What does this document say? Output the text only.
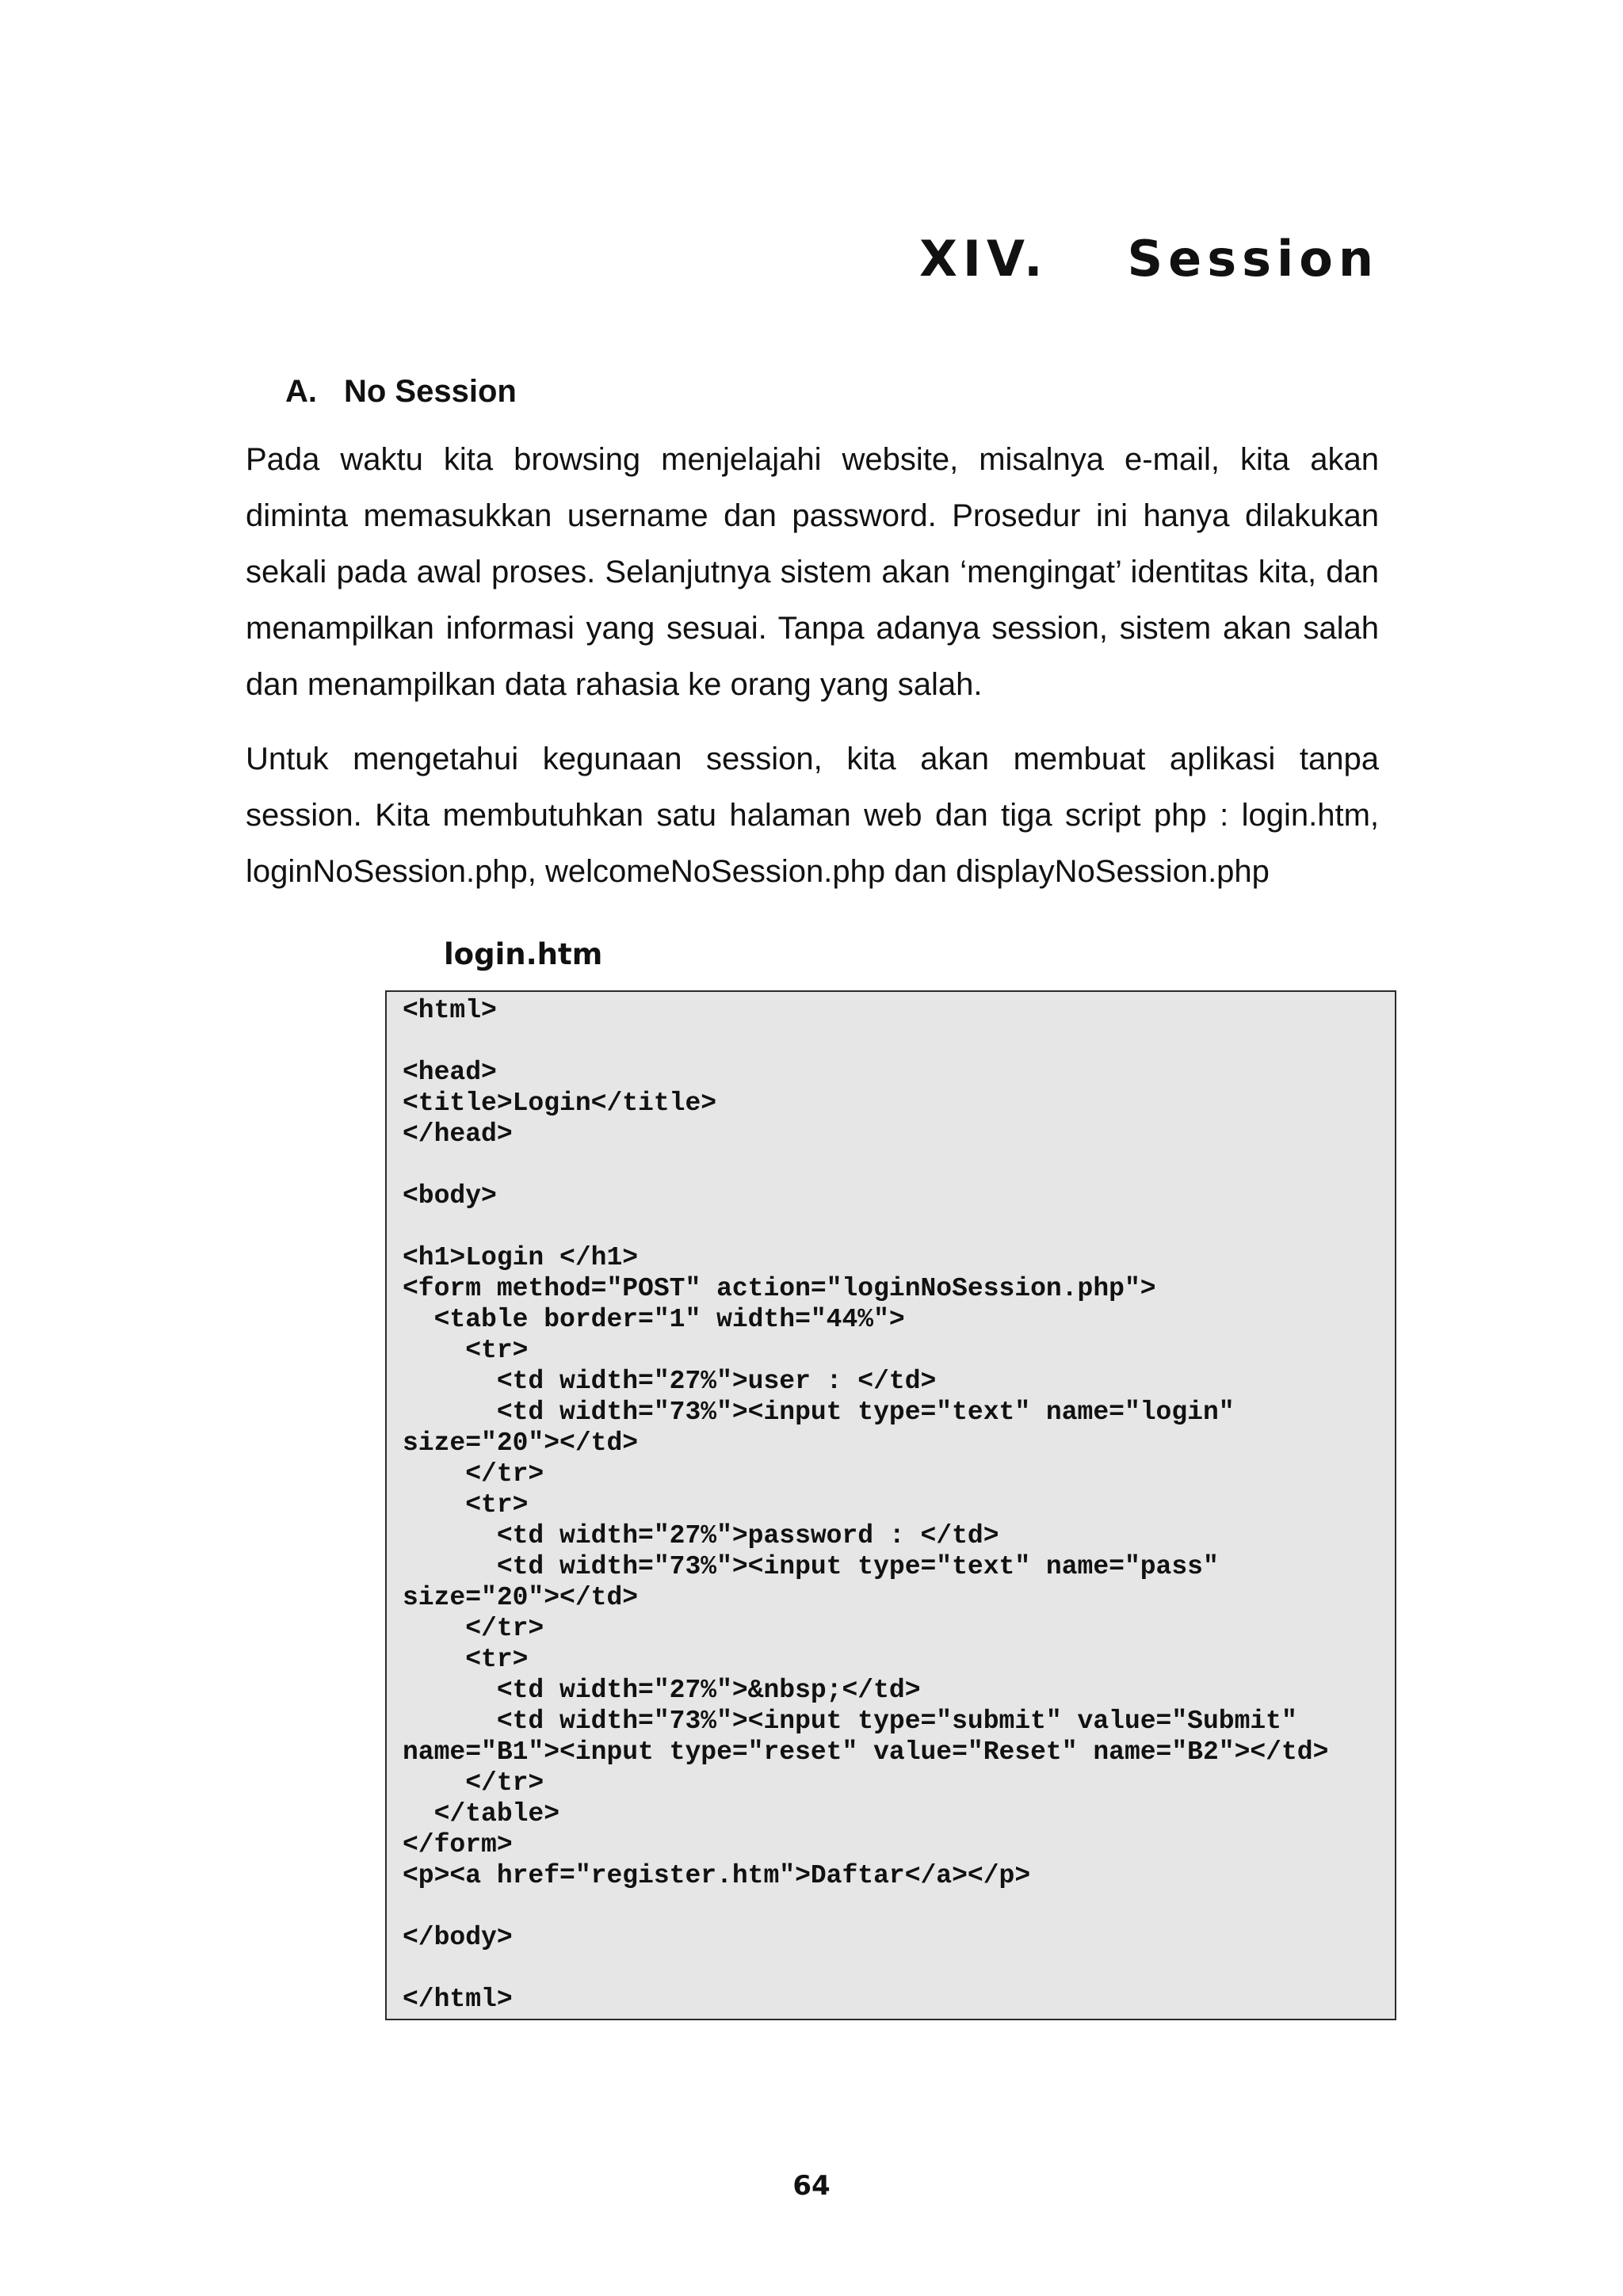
XIV. Session
A. No Session

Pada waktu kita browsing menjelajahi website, misalnya e-mail, kita akan diminta memasukkan username dan password. Prosedur ini hanya dilakukan sekali pada awal proses. Selanjutnya sistem akan ‘mengingat’ identitas kita, dan menampilkan informasi yang sesuai. Tanpa adanya session, sistem akan salah dan menampilkan data rahasia ke orang yang salah.

Untuk mengetahui kegunaan session, kita akan membuat aplikasi tanpa session. Kita membutuhkan satu halaman web dan tiga script php : login.htm, loginNoSession.php, welcomeNoSession.php dan displayNoSession.php

login.htm

<html>

<head>
<title>Login</title>
</head>

<body>

<h1>Login </h1>
<form method="POST" action="loginNoSession.php">
<table border="1" width="44%">
<tr>
<td width="27%">user : </td>
<td width="73%"><input type="text" name="login"
size="20"></td>
</tr>
<tr>
<td width="27%">password : </td>
<td width="73%"><input type="text" name="pass"
size="20"></td>
</tr>
<tr>
<td width="27%">&nbsp;</td>
<td width="73%"><input type="submit" value="Submit"
name="B1"><input type="reset" value="Reset" name="B2"></td>
</tr>
</table>
</form>
<p><a href="register.htm">Daftar</a></p>

</body>

</html>

64
